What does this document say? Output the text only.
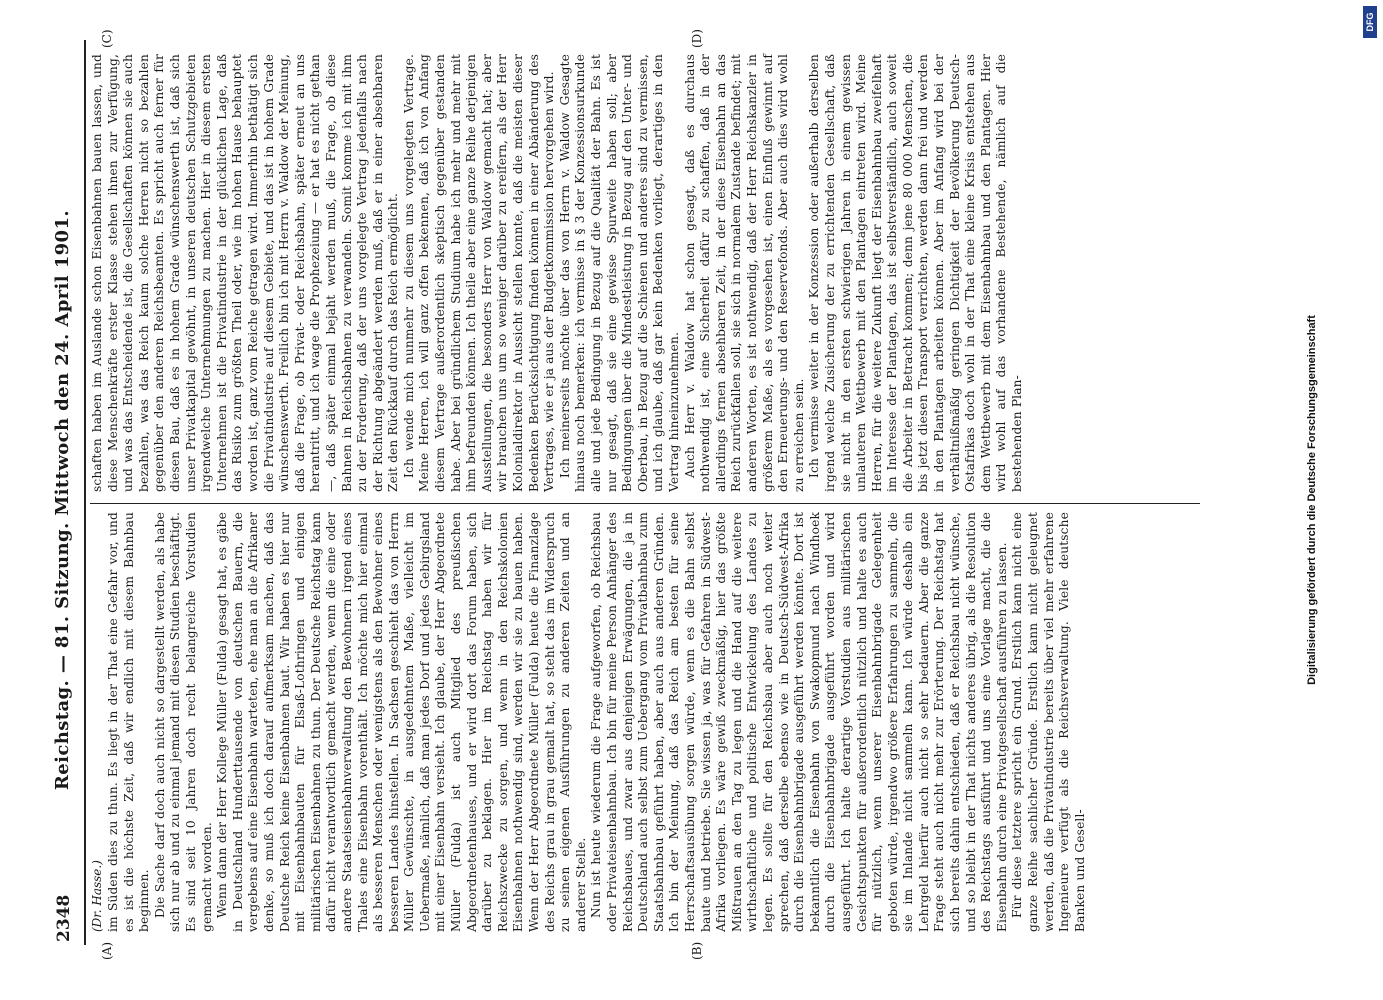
2348
Reichstag. — 81. Sitzung. Mittwoch den 24. April 1901.
(A)	(B)
(C)	(D)
(Dr. Hasse.) im Süden dies zu thun. Es liegt in der That eine Gefahr vor, und es ist die höchste Zeit, daß wir endlich mit diesem Bahnbau beginnen. Die Sache darf doch auch nicht so dargestellt werden, als habe sich nur ab und zu einmal jemand mit diesen Studien beschäftigt. Es sind seit 10 Jahren doch recht belangreiche Vorstudien gemacht worden. Wenn dann der Herr Kollege Müller (Fulda) gesagt hat, es gäbe in Deutschland Hunderttausende von deutschen Bauern, die vergebens auf eine Eisenbahn warteten, ehe man an die Afrikaner denke, so muß ich doch darauf aufmerksam machen, daß das Deutsche Reich keine Eisenbahnen baut. Wir haben es hier nur mit Eisenbahnbauten für Elsaß-Lothringen und einigen militärischen Eisenbahnen zu thun. Der Deutsche Reichstag kann dafür nicht verantwortlich gemacht werden, wenn die eine oder andere Staatseisenbahnverwaltung den Bewohnern irgend eines Thales eine Eisenbahn vorenthält. Ich möchte mich hier einmal als besseren Menschen oder wenigstens als den Bewohner eines besseren Landes hinstellen. In Sachsen geschieht das von Herrn Müller Gewünschte, in ausgedehntem Maße, vielleicht im Uebermaße, nämlich, daß man jedes Dorf und jedes Gebirgsland mit einer Eisenbahn versieht. Ich glaube, der Herr Abgeordnete Müller (Fulda) ist auch Mitglied des preußischen Abgeordnetenhauses, und er wird dort das Forum haben, sich darüber zu beklagen. Hier im Reichstag haben wir für Reichszwecke zu sorgen, und wenn in den Reichskolonien Eisenbahnen nothwendig sind, werden wir sie zu bauen haben. Wenn der Herr Abgeordnete Müller (Fulda) heute die Finanzlage des Reichs grau in grau gemalt hat, so steht das im Widerspruch zu seinen eigenen Ausführungen zu anderen Zeiten und an anderer Stelle. Nun ist heute wiederum die Frage aufgeworfen, ob Reichsbau oder Privateisenbahnbau. Ich bin für meine Person Anhänger des Reichsbaues, und zwar aus denjenigen Erwägungen, die ja in Deutschland auch selbst zum Uebergang vom Privatbahnbau zum Staatsbahnbau geführt haben, aber auch aus anderen Gründen. Ich bin der Meinung, daß das Reich am besten für seine Herrschaftsausübung sorgen würde, wenn es die Bahn selbst baute und betriebe. Sie wissen ja, was für Gefahren in Südwest-Afrika vorliegen. Es wäre gewiß zweckmäßig, hier das größte Mißtrauen an den Tag zu legen und die Hand auf die weitere wirthschaftliche und politische Entwickelung des Landes zu legen. Es sollte für den Reichsbau aber auch noch weiter sprechen, daß derselbe ebenso wie in Deutsch-Südwest-Afrika durch die Eisenbahnbrigade ausgeführt werden könnte. Dort ist bekanntlich die Eisenbahn von Swakopmund nach Windhoek durch die Eisenbahnbrigade ausgeführt worden und wird ausgeführt. Ich halte derartige Vorstudien aus militärischen Gesichtspunkten für außerordentlich nützlich und halte es auch für nützlich, wenn unserer Eisenbahnbrigade Gelegenheit geboten würde, irgendwo größere Erfahrungen zu sammeln, die sie im Inlande nicht sammeln kann. Ich würde deshalb ein Lehrgeld hierfür auch nicht so sehr bedauern. Aber die ganze Frage steht auch nicht mehr zur Erörterung. Der Reichstag hat sich bereits dahin entschieden, daß er Reichsbau nicht wünsche, und so bleibt in der That nichts anderes übrig, als die Resolution des Reichstags ausführt und uns eine Vorlage macht, die die Eisenbahn durch eine Privatgesellschaft ausführen zu lassen. Für diese letztere spricht ein Grund. Erstlich kann nicht eine ganze Reihe sachlicher Gründe. Erstlich kann nicht geleugnet werden, daß die Privatindustrie bereits über viel mehr erfahrene Ingenieure verfügt als die Reichsverwaltung. Viele deutsche Banken und Gesell-

schaften haben im Auslande schon Eisenbahnen bauen lassen, und diese Menschenkräfte erster Klasse stehen ihnen zur Verfügung, und was das Entscheidende ist, die Gesellschaften können sie auch bezahlen, was das Reich kaum solche Herren nicht so bezahlen gegenüber den anderen Reichsbeamten. Es spricht auch ferner für diesen Bau, daß es in hohem Grade wünschenswerth ist, daß sich unser Privatkapital gewöhnt, in unseren deutschen Schutzgebieten irgendwelche Unternehmungen zu machen. Hier in diesem ersten Unternehmen ist die Privatindustrie in der glücklichen Lage, daß das Risiko zum größten Theil oder, wie im hohen Hause behauptet worden ist, ganz vom Reiche getragen wird. Immerhin bethätigt sich die Privatindustrie auf diesem Gebiete, und das ist in hohem Grade wünschenswerth. Freilich bin ich mit Herrn v. Waldow der Meinung, daß die Frage, ob Privat- oder Reichsbahn, später erneut an uns herantritt, und ich wage die Prophezeiung — er hat es nicht gethan —, daß später einmal bejaht werden muß, die Frage, ob diese Bahnen in Reichsbahnen zu verwandeln. Somit komme ich mit ihm zu der Forderung, daß der uns vorgelegte Vertrag jedenfalls nach der Richtung abgeändert werden muß, daß er in einer absehbaren Zeit den Rückkauf durch das Reich ermöglicht. Ich wende mich nunmehr zu diesem uns vorgelegten Vertrage. Meine Herren, ich will ganz offen bekennen, daß ich von Anfang diesem Vertrage außerordentlich skeptisch gegenüber gestanden habe. Aber bei gründlichem Studium habe ich mehr und mehr mit ihm befreunden können. Ich theile aber eine ganze Reihe derjenigen Ausstellungen, die besonders Herr von Waldow gemacht hat; aber wir brauchen uns um so weniger darüber zu ereifern, als der Herr Kolonialdirektor in Aussicht stellen konnte, daß die meisten dieser Bedenken Berücksichtigung finden können in einer Abänderung des Vertrages, wie er ja aus der Budgetkommission hervorgehen wird. Ich meinerseits möchte über das von Herrn v. Waldow Gesagte hinaus noch bemerken: ich vermisse in § 3 der Konzessionsurkunde alle und jede Bedingung in Bezug auf die Qualität der Bahn. Es ist nur gesagt, daß sie eine gewisse Spurweite haben soll; aber Bedingungen über die Mindestleistung in Bezug auf den Unter- und Oberbau, in Bezug auf die Schienen und anderes sind zu vermissen, und ich glaube, daß gar kein Bedenken vorliegt, derartiges in den Vertrag hineinzunehmen. Auch Herr v. Waldow hat schon gesagt, daß es durchaus nothwendig ist, eine Sicherheit dafür zu schaffen, daß in der allerdings fernen absehbaren Zeit, in der diese Eisenbahn an das Reich zurückfallen soll, sie sich in normalem Zustande befindet; mit anderen Worten, es ist nothwendig, daß der Herr Reichskanzler in größerem Maße, als es vorgesehen ist, einen Einfluß gewinnt auf den Erneuerungs- und den Reservefonds. Aber auch dies wird wohl zu erreichen sein. Ich vermisse weiter in der Konzession oder außerhalb derselben irgend welche Zusicherung der zu errichtenden Gesellschaft, daß sie nicht in den ersten schwierigen Jahren in einem gewissen unlauteren Wettbewerb mit den Plantagen eintreten wird. Meine Herren, für die weitere Zukunft liegt der Eisenbahnbau zweifelhaft im Interesse der Plantagen, das ist selbstverständlich, auch soweit die Arbeiter in Betracht kommen; denn jene 80 000 Menschen, die bis jetzt diesen Transport verrichten, werden dann frei und werden in den Plantagen arbeiten können. Aber im Anfang wird bei der verhältnißmäßig geringen Dichtigkeit der Bevölkerung Deutsch-Ostafrikas doch wohl in der That eine kleine Krisis entstehen aus dem Wettbewerb mit dem Eisenbahnbau und den Plantagen. Hier wird wohl auf das vorhandene Bestehende, nämlich auf die bestehenden Plan-	Digitalisierung gefördert durch die Deutsche Forschungsgemeinschaft
DFG
